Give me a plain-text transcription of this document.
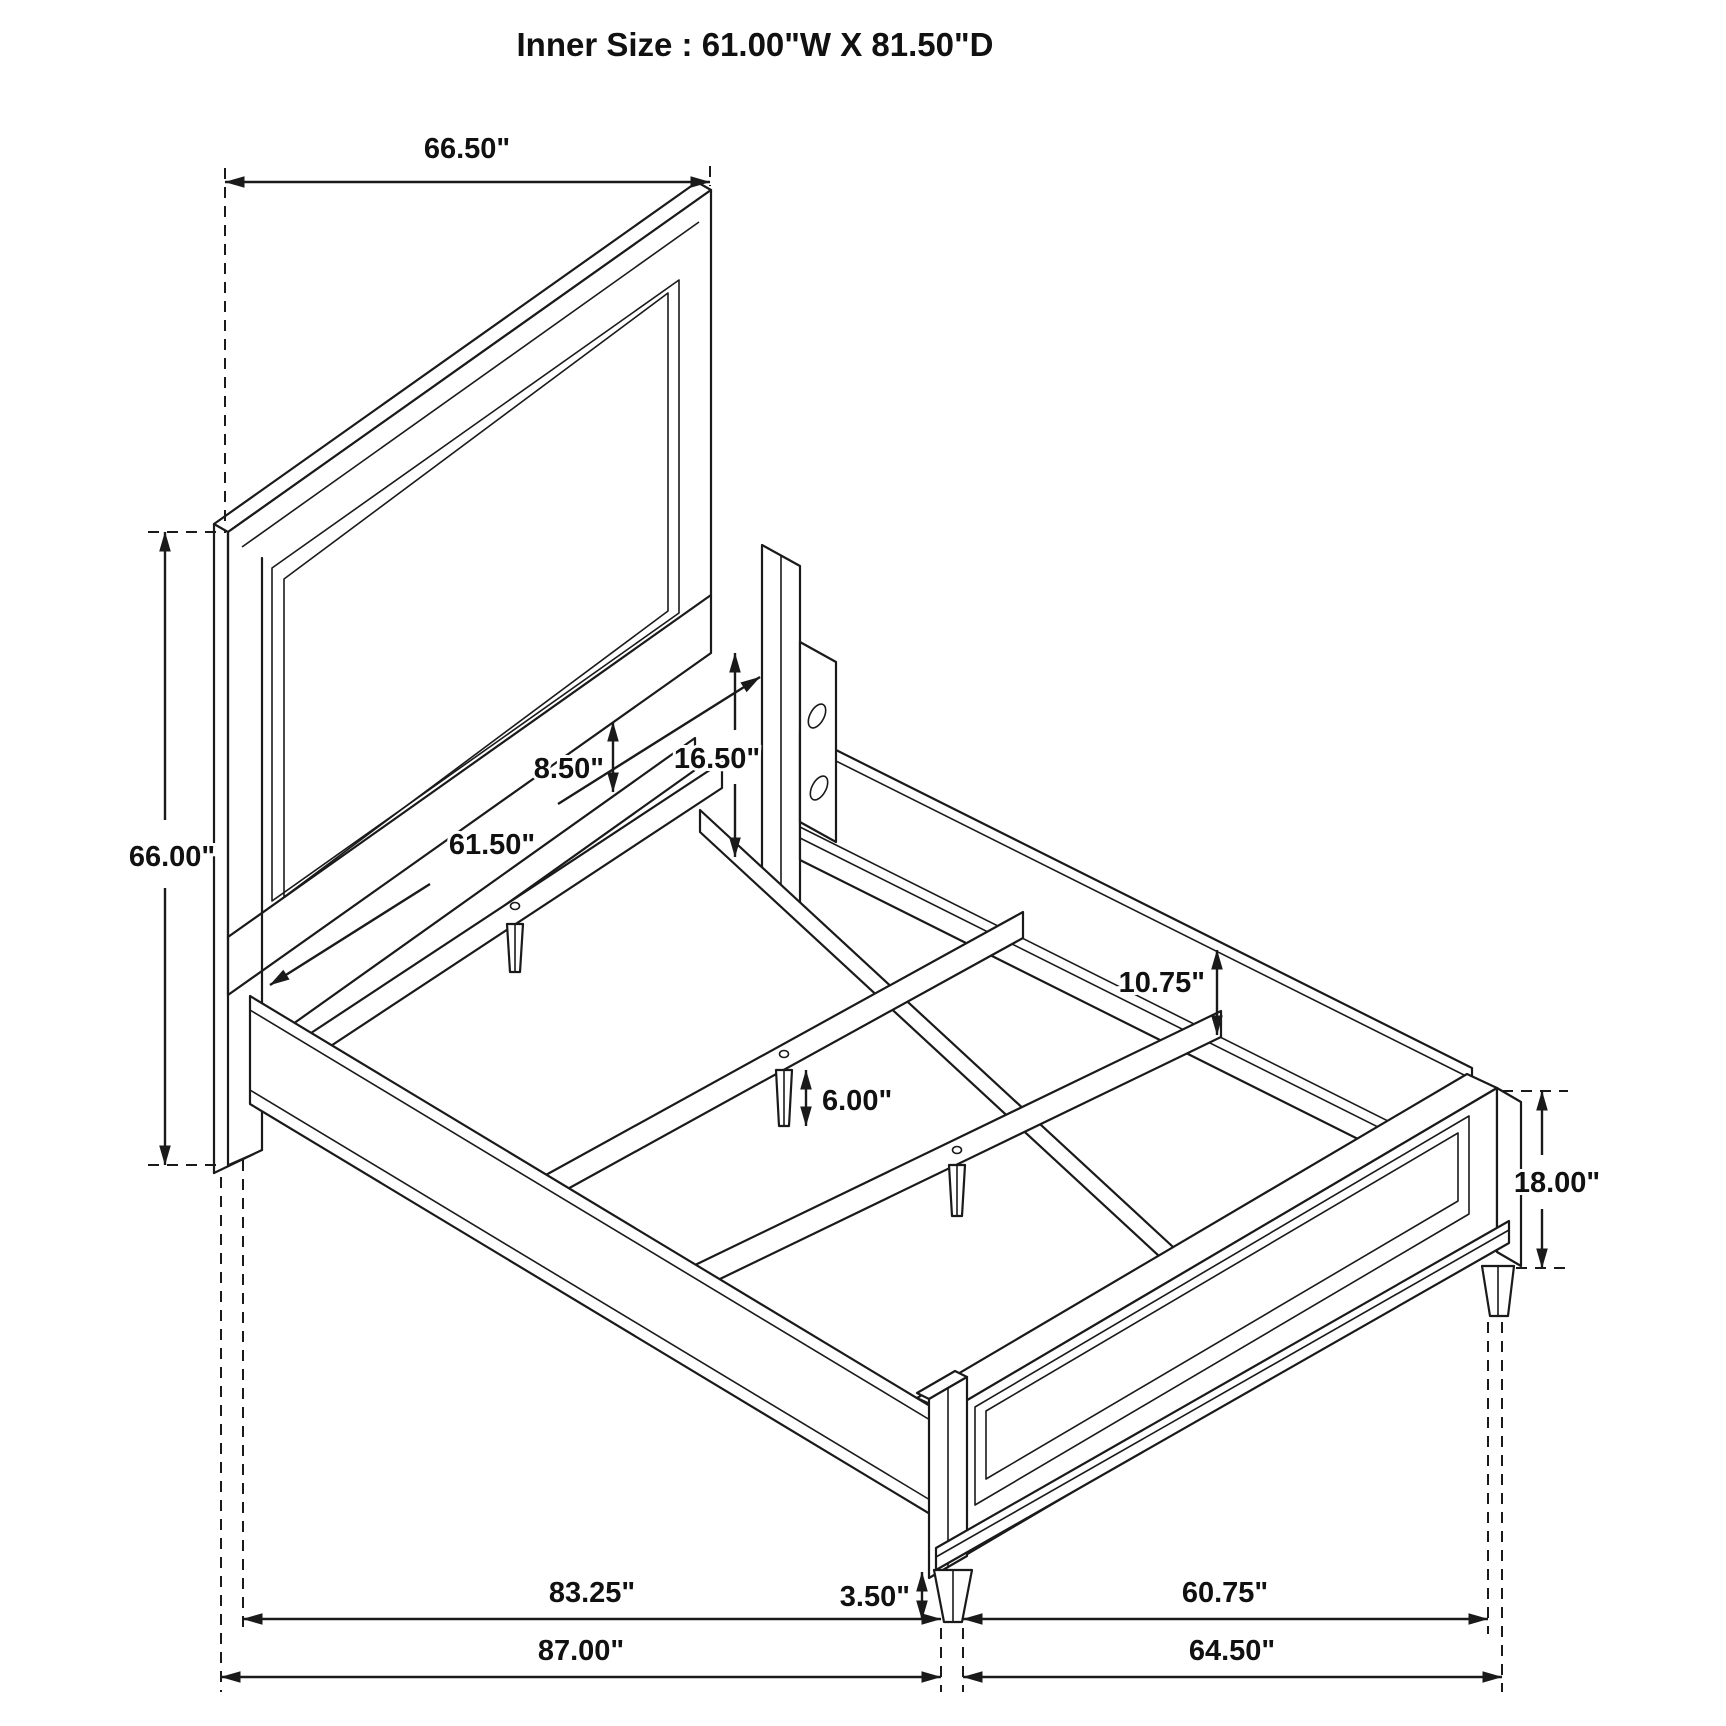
66.50"
66.00"
8.50" 16.50"
61.50"
10.75"
6.00"
18.00"
3.50"
83.25"	60.75"
87.00"	64.50"
Inner Size : 61.00"W X 81.50"D
